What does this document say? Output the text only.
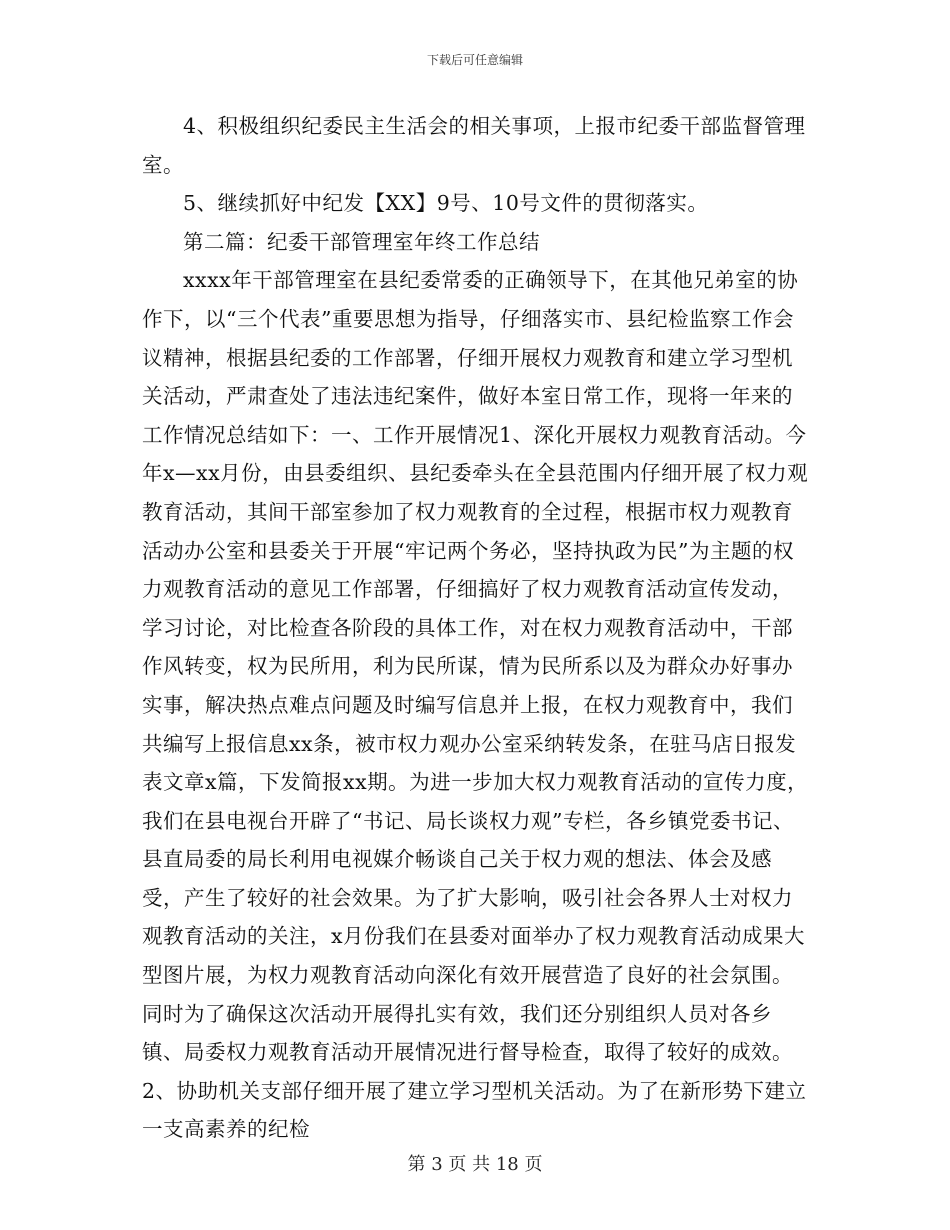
下载后可任意编辑

4、积极组织纪委民主生活会的相关事项，上报市纪委干部监督管理室。

5、继续抓好中纪发【XX】9号、10号文件的贯彻落实。

第二篇：纪委干部管理室年终工作总结

xxxx年干部管理室在县纪委常委的正确领导下，在其他兄弟室的协作下，以“三个代表”重要思想为指导，仔细落实市、县纪检监察工作会议精神，根据县纪委的工作部署，仔细开展权力观教育和建立学习型机关活动，严肃查处了违法违纪案件，做好本室日常工作，现将一年来的工作情况总结如下：一、工作开展情况1、深化开展权力观教育活动。今年x—xx月份，由县委组织、县纪委牵头在全县范围内仔细开展了权力观教育活动，其间干部室参加了权力观教育的全过程，根据市权力观教育活动办公室和县委关于开展“牢记两个务必，坚持执政为民”为主题的权力观教育活动的意见工作部署，仔细搞好了权力观教育活动宣传发动，学习讨论，对比检查各阶段的具体工作，对在权力观教育活动中，干部作风转变，权为民所用，利为民所谋，情为民所系以及为群众办好事办实事，解决热点难点问题及时编写信息并上报，在权力观教育中，我们共编写上报信息xx条，被市权力观办公室采纳转发条，在驻马店日报发表文章x篇，下发简报xx期。为进一步加大权力观教育活动的宣传力度，我们在县电视台开辟了“书记、局长谈权力观”专栏，各乡镇党委书记、县直局委的局长利用电视媒介畅谈自己关于权力观的想法、体会及感受，产生了较好的社会效果。为了扩大影响，吸引社会各界人士对权力观教育活动的关注，x月份我们在县委对面举办了权力观教育活动成果大型图片展，为权力观教育活动向深化有效开展营造了良好的社会氛围。同时为了确保这次活动开展得扎实有效，我们还分别组织人员对各乡镇、局委权力观教育活动开展情况进行督导检查，取得了较好的成效。2、协助机关支部仔细开展了建立学习型机关活动。为了在新形势下建立一支高素养的纪检

第 3 页 共 18 页
